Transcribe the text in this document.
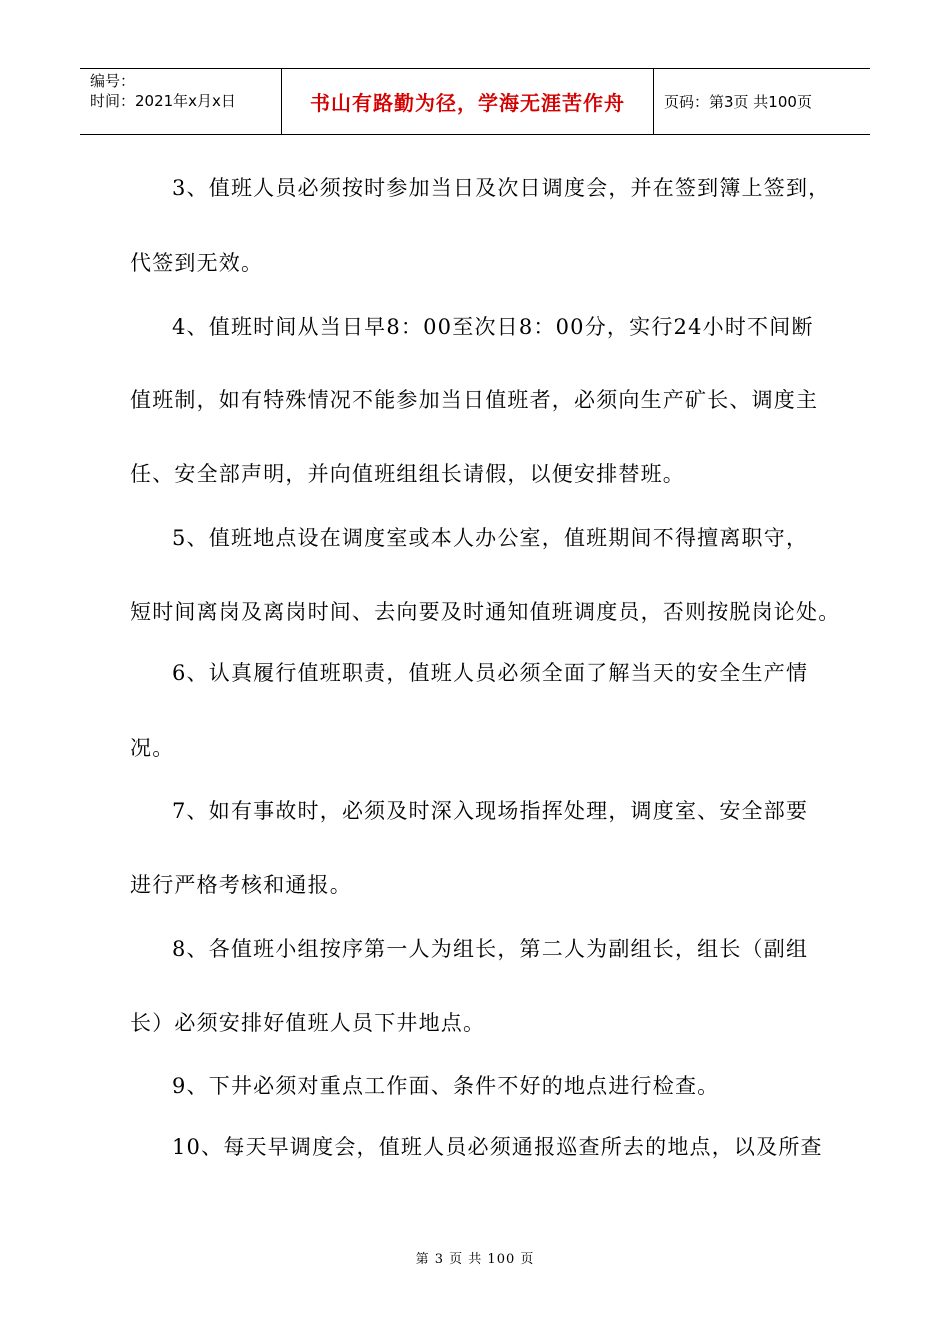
编号：
时间：2021年x月x日	书山有路勤为径，学海无涯苦作舟	页码：第3页 共100页
3、值班人员必须按时参加当日及次日调度会，并在签到簿上签到，
代签到无效。
4、值班时间从当日早8：00至次日8：00分，实行24小时不间断
值班制，如有特殊情况不能参加当日值班者，必须向生产矿长、调度主
任、安全部声明，并向值班组组长请假，以便安排替班。
5、值班地点设在调度室或本人办公室，值班期间不得擅离职守，
短时间离岗及离岗时间、去向要及时通知值班调度员，否则按脱岗论处。
6、认真履行值班职责，值班人员必须全面了解当天的安全生产情
况。
7、如有事故时，必须及时深入现场指挥处理，调度室、安全部要
进行严格考核和通报。
8、各值班小组按序第一人为组长，第二人为副组长，组长（副组
长）必须安排好值班人员下井地点。
9、下井必须对重点工作面、条件不好的地点进行检查。
10、每天早调度会，值班人员必须通报巡查所去的地点，以及所查
第 3 页 共 100 页
